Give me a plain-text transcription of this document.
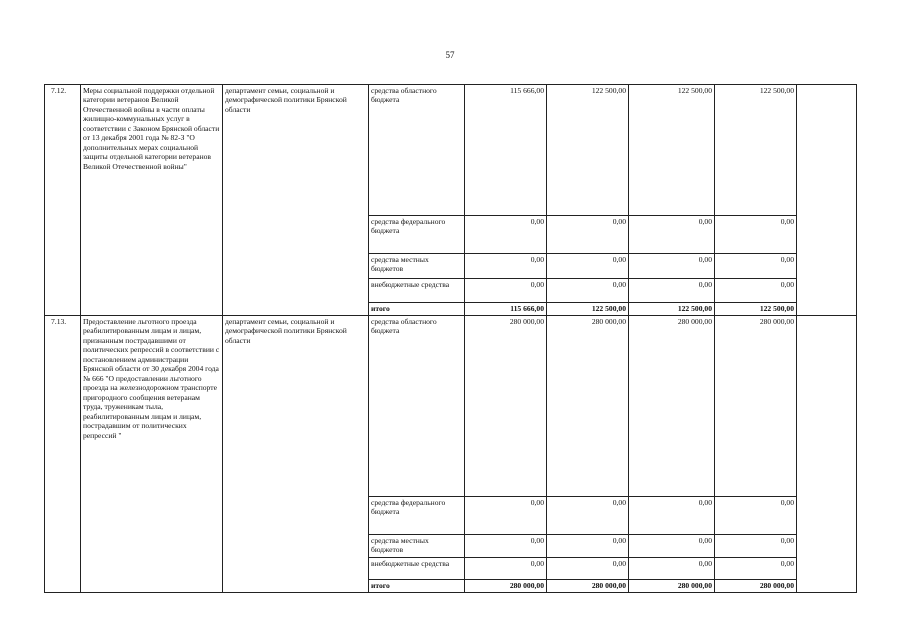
57
7.12.	Меры социальной поддержки отдельной категории ветеранов Великой Отечественной войны в части оплаты жилищно-коммунальных услуг в соответствии с Законом Брянской области от 13 декабря 2001 года № 82-З "О дополнительных мерах социальной защиты отдельной категории ветеранов Великой Отечественной войны"	департамент семьи, социальной и демографической политики Брянской области	средства областного бюджета	115 666,00	122 500,00	122 500,00	122 500,00	
			средства федерального бюджета	0,00	0,00	0,00	0,00	
			средства местных бюджетов	0,00	0,00	0,00	0,00	
			внебюджетные средства	0,00	0,00	0,00	0,00	
			итого	115 666,00	122 500,00	122 500,00	122 500,00	
7.13.	Предоставление льготного проезда реабилитированным лицам и лицам, признанным пострадавшими от политических репрессий в соответствии с постановлением администрации Брянской области от 30 декабря 2004 года № 666 "О предоставлении льготного проезда на железнодорожном транспорте пригородного сообщения ветеранам труда, труженикам тыла, реабилитированным лицам и лицам, пострадавшим от политических репрессий "	департамент семьи, социальной и демографической политики Брянской области	средства областного бюджета	280 000,00	280 000,00	280 000,00	280 000,00	
			средства федерального бюджета	0,00	0,00	0,00	0,00	
			средства местных бюджетов	0,00	0,00	0,00	0,00	
			внебюджетные средства	0,00	0,00	0,00	0,00	
			итого	280 000,00	280 000,00	280 000,00	280 000,00	
